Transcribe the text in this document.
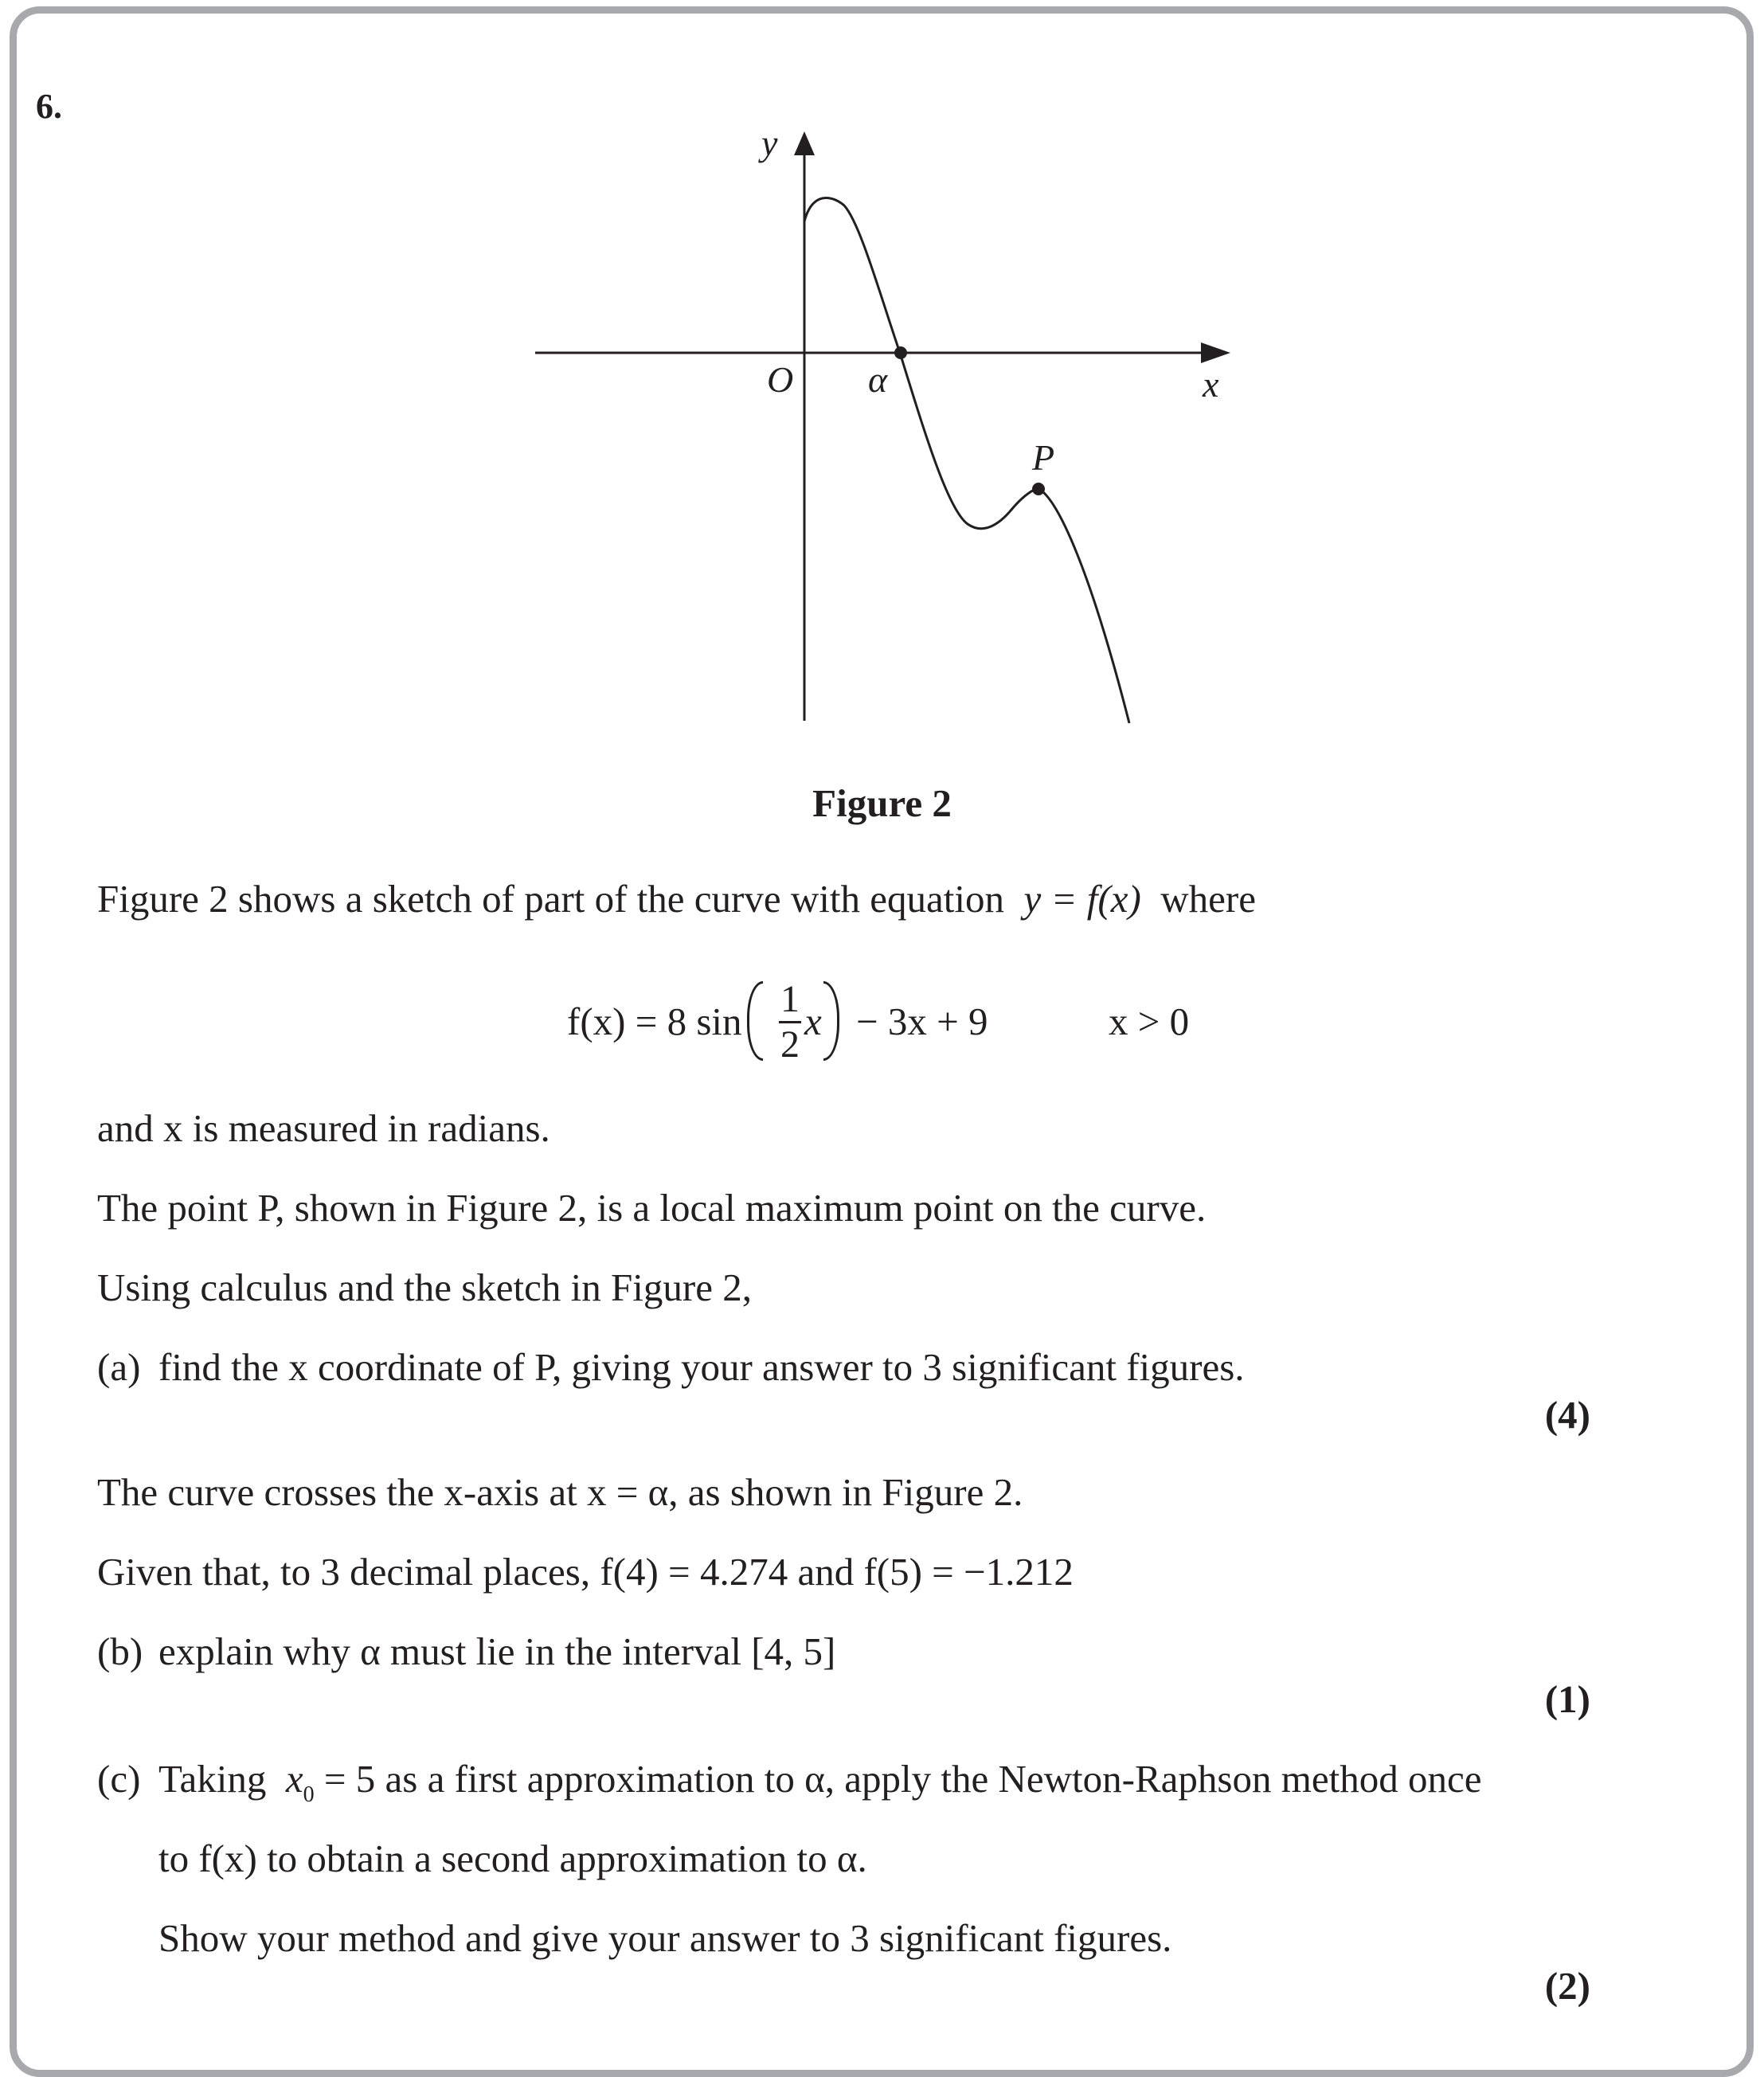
6.
y
x
O α
P
Figure 2
Figure 2 shows a sketch of part of the curve with equation y = f(x) where
f(x) = 8 sin
1
2
x − 3x + 9	x > 0
and x is measured in radians.
The point P, shown in Figure 2, is a local maximum point on the curve.
Using calculus and the sketch in Figure 2,
(a) find the x coordinate of P, giving your answer to 3 significant figures.
(4)
The curve crosses the x-axis at x = α, as shown in Figure 2.
Given that, to 3 decimal places, f(4) = 4.274 and f(5) = −1.212
(b) explain why α must lie in the interval [4, 5]
(1)
(c) Taking $x_0 = 5$ as a first approximation to α, apply the Newton-Raphson method once
to f(x) to obtain a second approximation to α.
Show your method and give your answer to 3 significant figures.
(2)
